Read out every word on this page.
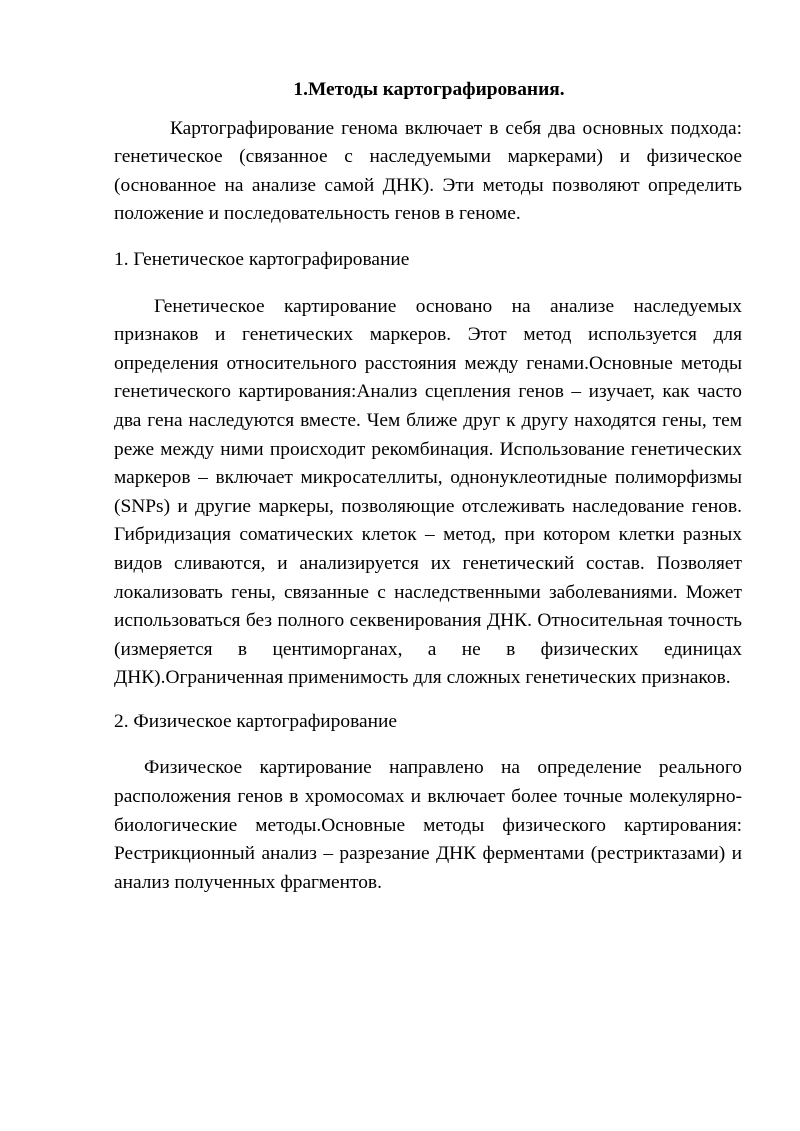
1.Методы картографирования.

Картографирование генома включает в себя два основных подхода: генетическое (связанное с наследуемыми маркерами) и физическое (основанное на анализе самой ДНК). Эти методы позволяют определить положение и последовательность генов в геноме.

1. Генетическое картографирование

Генетическое картирование основано на анализе наследуемых признаков и генетических маркеров. Этот метод используется для определения относительного расстояния между генами.Основные методы генетического картирования:Анализ сцепления генов – изучает, как часто два гена наследуются вместе. Чем ближе друг к другу находятся гены, тем реже между ними происходит рекомбинация. Использование генетических маркеров – включает микросателлиты, однонуклеотидные полиморфизмы (SNPs) и другие маркеры, позволяющие отслеживать наследование генов. Гибридизация соматических клеток – метод, при котором клетки разных видов сливаются, и анализируется их генетический состав. Позволяет локализовать гены, связанные с наследственными заболеваниями. Может использоваться без полного секвенирования ДНК. Относительная точность (измеряется в центиморганах, а не в физических единицах ДНК).Ограниченная применимость для сложных генетических признаков.

2. Физическое картографирование

Физическое картирование направлено на определение реального расположения генов в хромосомах и включает более точные молекулярно-биологические методы.Основные методы физического картирования: Рестрикционный анализ – разрезание ДНК ферментами (рестриктазами) и анализ полученных фрагментов.
